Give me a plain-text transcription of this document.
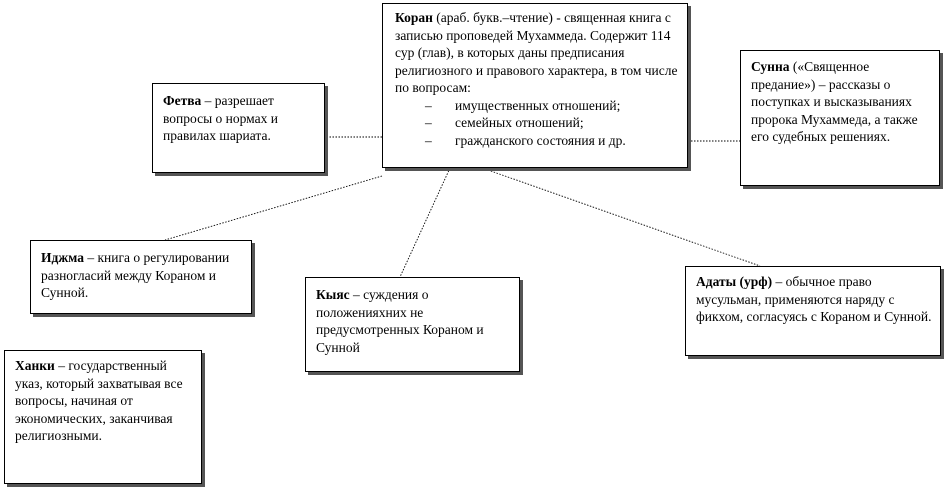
Коран (араб. букв.–чтение) - священная книга с записью проповедей Мухаммеда. Содержит 114 сур (глав), в которых даны предписания религиозного и правового характера, в том числе по вопросам:
– имущественных отношений;
– семейных отношений;
– гражданского состояния и др.
Фетва – разрешает вопросы о нормах и правилах шариата.
Сунна («Священное предание») – рассказы о поступках и высказываниях пророка Мухаммеда, а также его судебных решениях.
Иджма – книга о регулировании разногласий между Кораном и Сунной.	Кыяс – суждения о положенияхних не предусмотренных Кораном и Сунной
Адаты (урф) – обычное право мусульман, применяются наряду с фикхом, согласуясь с Кораном и Сунной.
Ханки – государственный указ, который захватывая все вопросы, начиная от экономических, заканчивая религиозными.
